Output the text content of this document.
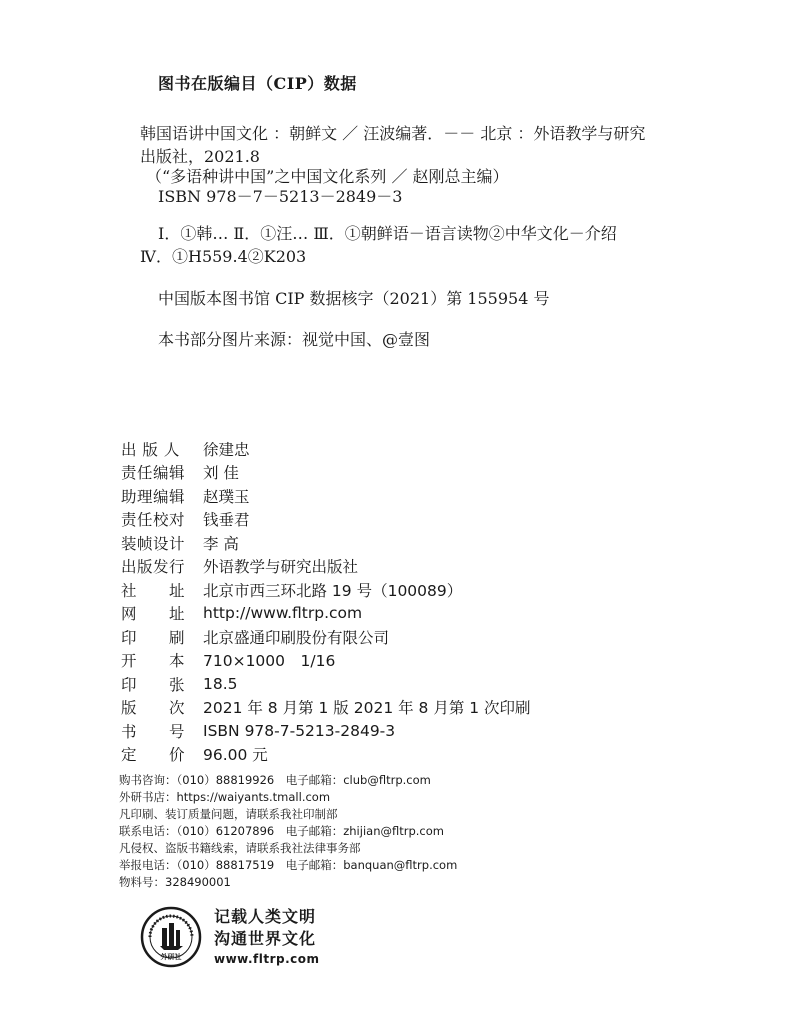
图书在版编目（CIP）数据
韩国语讲中国文化 ：朝鲜文 ／ 汪波编著．－－ 北京 ：外语教学与研究
出版社，2021.8
（“多语种讲中国”之中国文化系列 ／ 赵刚总主编）
ISBN 978－7－5213－2849－3
Ⅰ．①韩… Ⅱ．①汪… Ⅲ．①朝鲜语－语言读物②中华文化－介绍
Ⅳ．①H559.4②K203
中国版本图书馆 CIP 数据核字（2021）第 155954 号
本书部分图片来源：视觉中国、@壹图
出 版 人	徐建忠
责任编辑	刘 佳
助理编辑	赵璞玉
责任校对	钱垂君
装帧设计	李 高
出版发行	外语教学与研究出版社
社　　址	北京市西三环北路 19 号（100089）
网　　址	http://www.fltrp.com
印　　刷	北京盛通印刷股份有限公司
开　　本	710×1000　1/16
印　　张	18.5
版　　次	2021 年 8 月第 1 版 2021 年 8 月第 1 次印刷
书　　号	ISBN 978-7-5213-2849-3
定　　价	96.00 元
购书咨询：（010）88819926　电子邮箱：club@fltrp.com
外研书店：https://waiyants.tmall.com
凡印刷、装订质量问题，请联系我社印制部
联系电话：（010）61207896　电子邮箱：zhijian@fltrp.com
凡侵权、盗版书籍线索，请联系我社法律事务部
举报电话：（010）88817519　电子邮箱：banquan@fltrp.com
物料号：328490001
外研社
记载人类文明
沟通世界文化
www.fltrp.com
